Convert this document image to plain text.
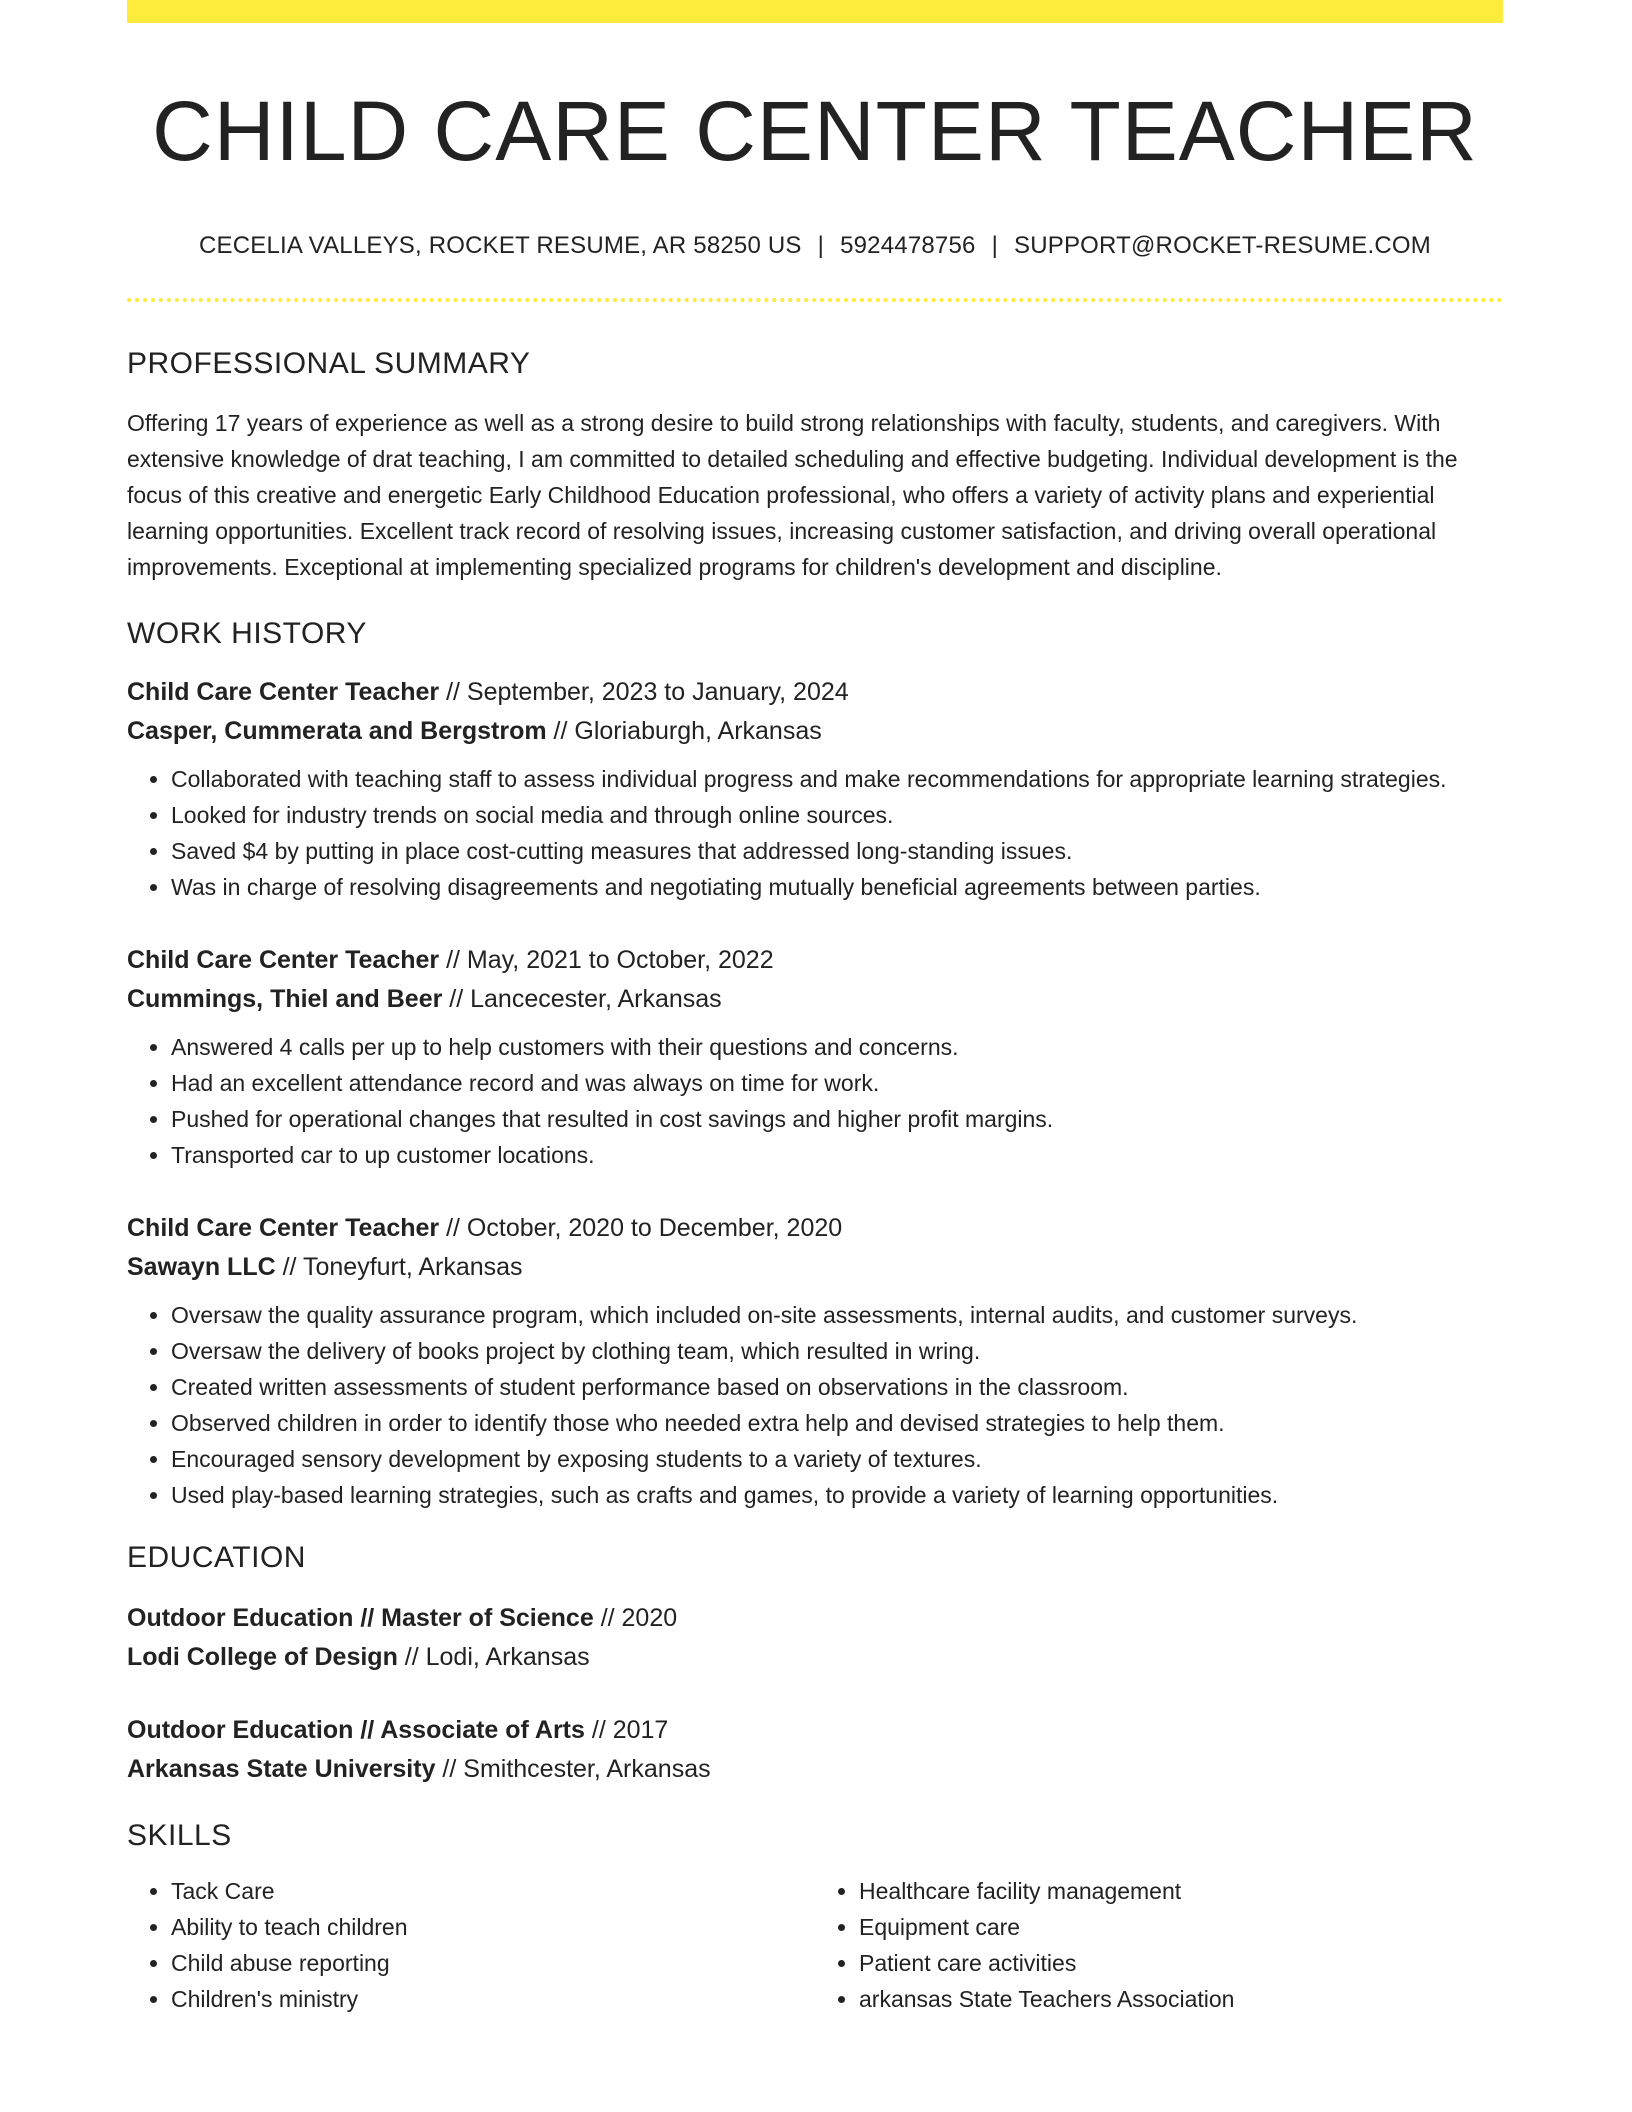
CHILD CARE CENTER TEACHER
CECELIA VALLEYS, ROCKET RESUME, AR 58250 US | 5924478756 | SUPPORT@ROCKET-RESUME.COM
PROFESSIONAL SUMMARY
Offering 17 years of experience as well as a strong desire to build strong relationships with faculty, students, and caregivers. With extensive knowledge of drat teaching, I am committed to detailed scheduling and effective budgeting. Individual development is the focus of this creative and energetic Early Childhood Education professional, who offers a variety of activity plans and experiential learning opportunities. Excellent track record of resolving issues, increasing customer satisfaction, and driving overall operational improvements. Exceptional at implementing specialized programs for children's development and discipline.
WORK HISTORY
Child Care Center Teacher // September, 2023 to January, 2024
Casper, Cummerata and Bergstrom // Gloriaburgh, Arkansas
• Collaborated with teaching staff to assess individual progress and make recommendations for appropriate learning strategies.
• Looked for industry trends on social media and through online sources.
• Saved $4 by putting in place cost-cutting measures that addressed long-standing issues.
• Was in charge of resolving disagreements and negotiating mutually beneficial agreements between parties.
Child Care Center Teacher // May, 2021 to October, 2022
Cummings, Thiel and Beer // Lancecester, Arkansas
• Answered 4 calls per up to help customers with their questions and concerns.
• Had an excellent attendance record and was always on time for work.
• Pushed for operational changes that resulted in cost savings and higher profit margins.
• Transported car to up customer locations.
Child Care Center Teacher // October, 2020 to December, 2020
Sawayn LLC // Toneyfurt, Arkansas
• Oversaw the quality assurance program, which included on-site assessments, internal audits, and customer surveys.
• Oversaw the delivery of books project by clothing team, which resulted in wring.
• Created written assessments of student performance based on observations in the classroom.
• Observed children in order to identify those who needed extra help and devised strategies to help them.
• Encouraged sensory development by exposing students to a variety of textures.
• Used play-based learning strategies, such as crafts and games, to provide a variety of learning opportunities.
EDUCATION
Outdoor Education // Master of Science // 2020
Lodi College of Design // Lodi, Arkansas
Outdoor Education // Associate of Arts // 2017
Arkansas State University // Smithcester, Arkansas
SKILLS
• Tack Care
• Ability to teach children
• Child abuse reporting
• Children's ministry
• Healthcare facility management
• Equipment care
• Patient care activities
• arkansas State Teachers Association
